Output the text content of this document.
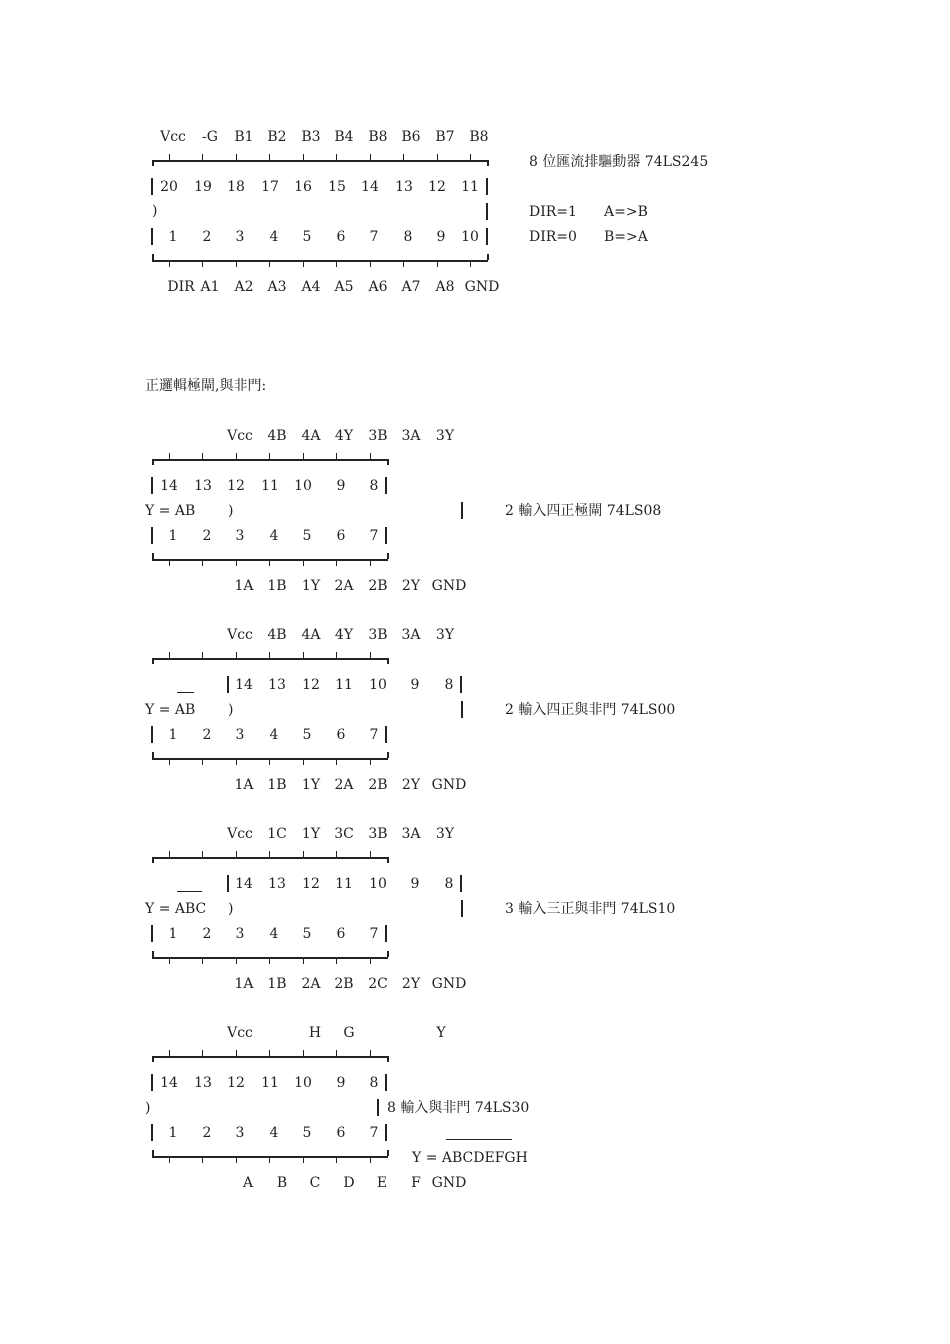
Vcc -G B1 B2 B3 B4 B8 B6 B7 B8
20 19 18 17 16 15 14 13 12 11
)
1 2 3 4 5 6 7 8 9 10
DIR A1 A2 A3 A4 A5 A6 A7 A8 GND
8 位匯流排驅動器 74LS245
DIR=1 A=>B
DIR=0 B=>A
正邏輯極閘,與非門:
Vcc 4B 4A 4Y 3B 3A 3Y
14 13 12 11 10 9 8
Y = AB )	2 輸入四正極閘 74LS08
1 2 3 4 5 6 7
1A 1B 1Y 2A 2B 2Y GND
Vcc 4B 4A 4Y 3B 3A 3Y
14 13 12 11 10 9 8
Y = AB )	2 輸入四正與非門 74LS00
1 2 3 4 5 6 7
1A 1B 1Y 2A 2B 2Y GND
Vcc 1C 1Y 3C 3B 3A 3Y
14 13 12 11 10 9 8
Y = ABC )	3 輸入三正與非門 74LS10
1 2 3 4 5 6 7
1A 1B 2A 2B 2C 2Y GND
Vcc	H G	Y
14 13 12 11 10 9 8
)	8 輸入與非門 74LS30
1 2 3 4 5 6 7
Y = ABCDEFGH
A B C D E F GND
